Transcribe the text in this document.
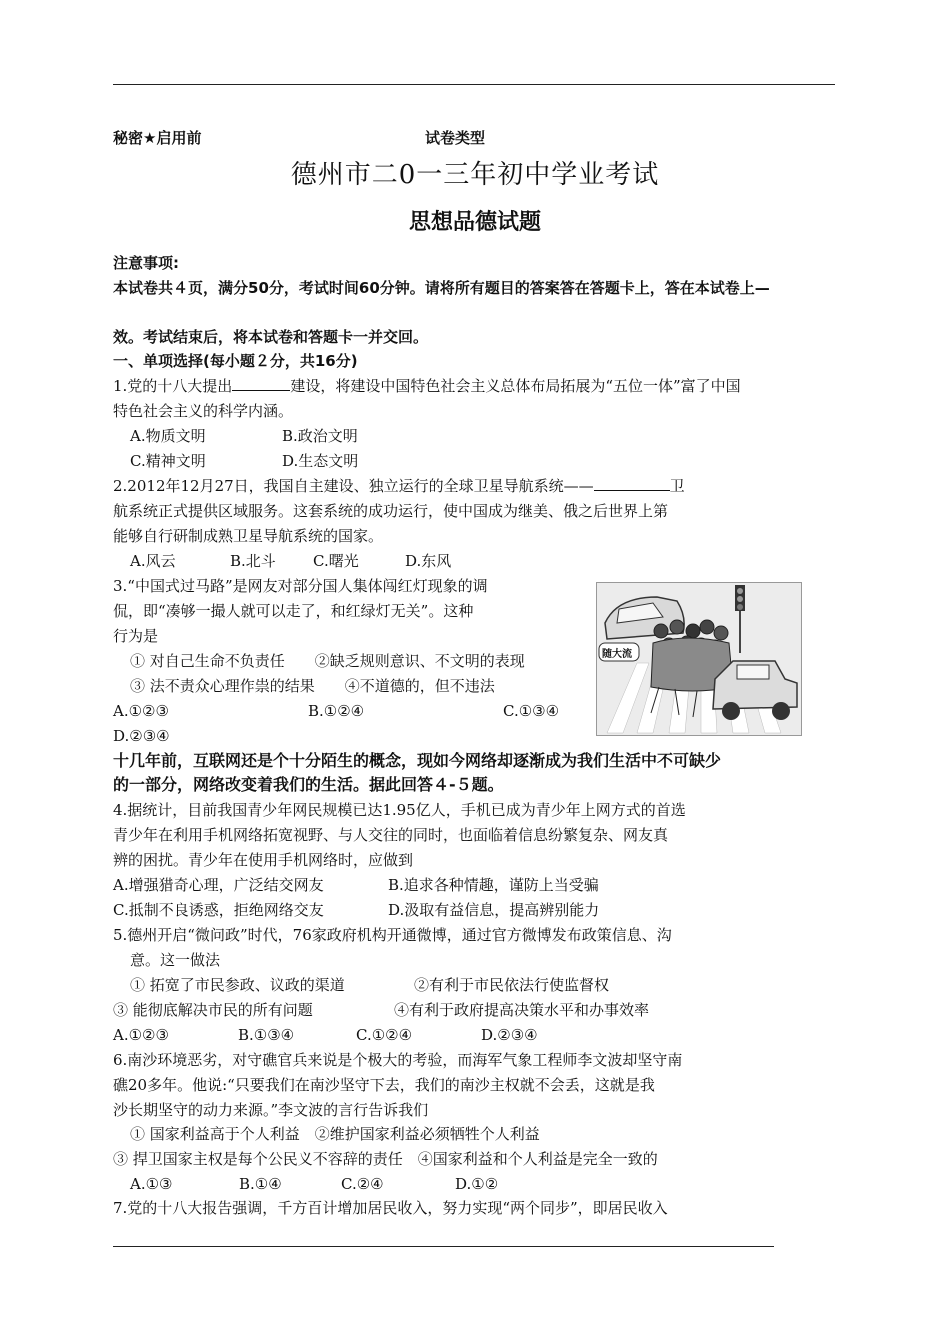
秘密★启用前	试卷类型
德州市二0一三年初中学业考试
思想品德试题
注意事项:
本试卷共４页，满分50分，考试时间60分钟。请将所有题目的答案答在答题卡上，答在本试卷上—
效。考试结束后，将本试卷和答题卡一并交回。
一、单项选择(每小题２分，共16分)
1.党的十八大提出	建设，将建设中国特色社会主义总体布局拓展为“五位一体”富了中国
特色社会主义的科学内涵。
A.物质文明	B.政治文明
C.精神文明	D.生态文明
2.2012年12月27日，我国自主建设、独立运行的全球卫星导航系统——	卫
航系统正式提供区域服务。这套系统的成功运行，使中国成为继美、俄之后世界上第
能够自行研制成熟卫星导航系统的国家。
A.风云	B.北斗 C.曙光	D.东风
3.“中国式过马路”是网友对部分国人集体闯红灯现象的调
侃，即“凑够一撮人就可以走了，和红绿灯无关”。这种
行为是
① 对自己生命不负责任　　②缺乏规则意识、不文明的表现
③ 法不责众心理作祟的结果　　④不道德的，但不违法
A.①②③	B.①②④	C.①③④
D.②③④
随大流
十几年前，互联网还是个十分陌生的概念，现如今网络却逐渐成为我们生活中不可缺少
的一部分，网络改变着我们的生活。据此回答４-５题。
4.据统计，目前我国青少年网民规模已达1.95亿人，手机已成为青少年上网方式的首选
青少年在利用手机网络拓宽视野、与人交往的同时，也面临着信息纷繁复杂、网友真
辨的困扰。青少年在使用手机网络时，应做到
A.增强猎奇心理，广泛结交网友	B.追求各种情趣，谨防上当受骗
C.抵制不良诱惑，拒绝网络交友	D.汲取有益信息，提高辨别能力
5.德州开启“微问政”时代，76家政府机构开通微博，通过官方微博发布政策信息、沟
意。这一做法
① 拓宽了市民参政、议政的渠道	②有利于市民依法行使监督权
③ 能彻底解决市民的所有问题	④有利于政府提高决策水平和办事效率
A.①②③	B.①③④	C.①②④	D.②③④
6.南沙环境恶劣，对守礁官兵来说是个极大的考验，而海军气象工程师李文波却坚守南
礁20多年。他说:“只要我们在南沙坚守下去，我们的南沙主权就不会丢，这就是我
沙长期坚守的动力来源。”李文波的言行告诉我们
① 国家利益高于个人利益　②维护国家利益必须牺牲个人利益
③ 捍卫国家主权是每个公民义不容辞的责任　④国家利益和个人利益是完全一致的
A.①③	B.①④	C.②④	D.①②
7.党的十八大报告强调，千方百计增加居民收入，努力实现“两个同步”，即居民收入
